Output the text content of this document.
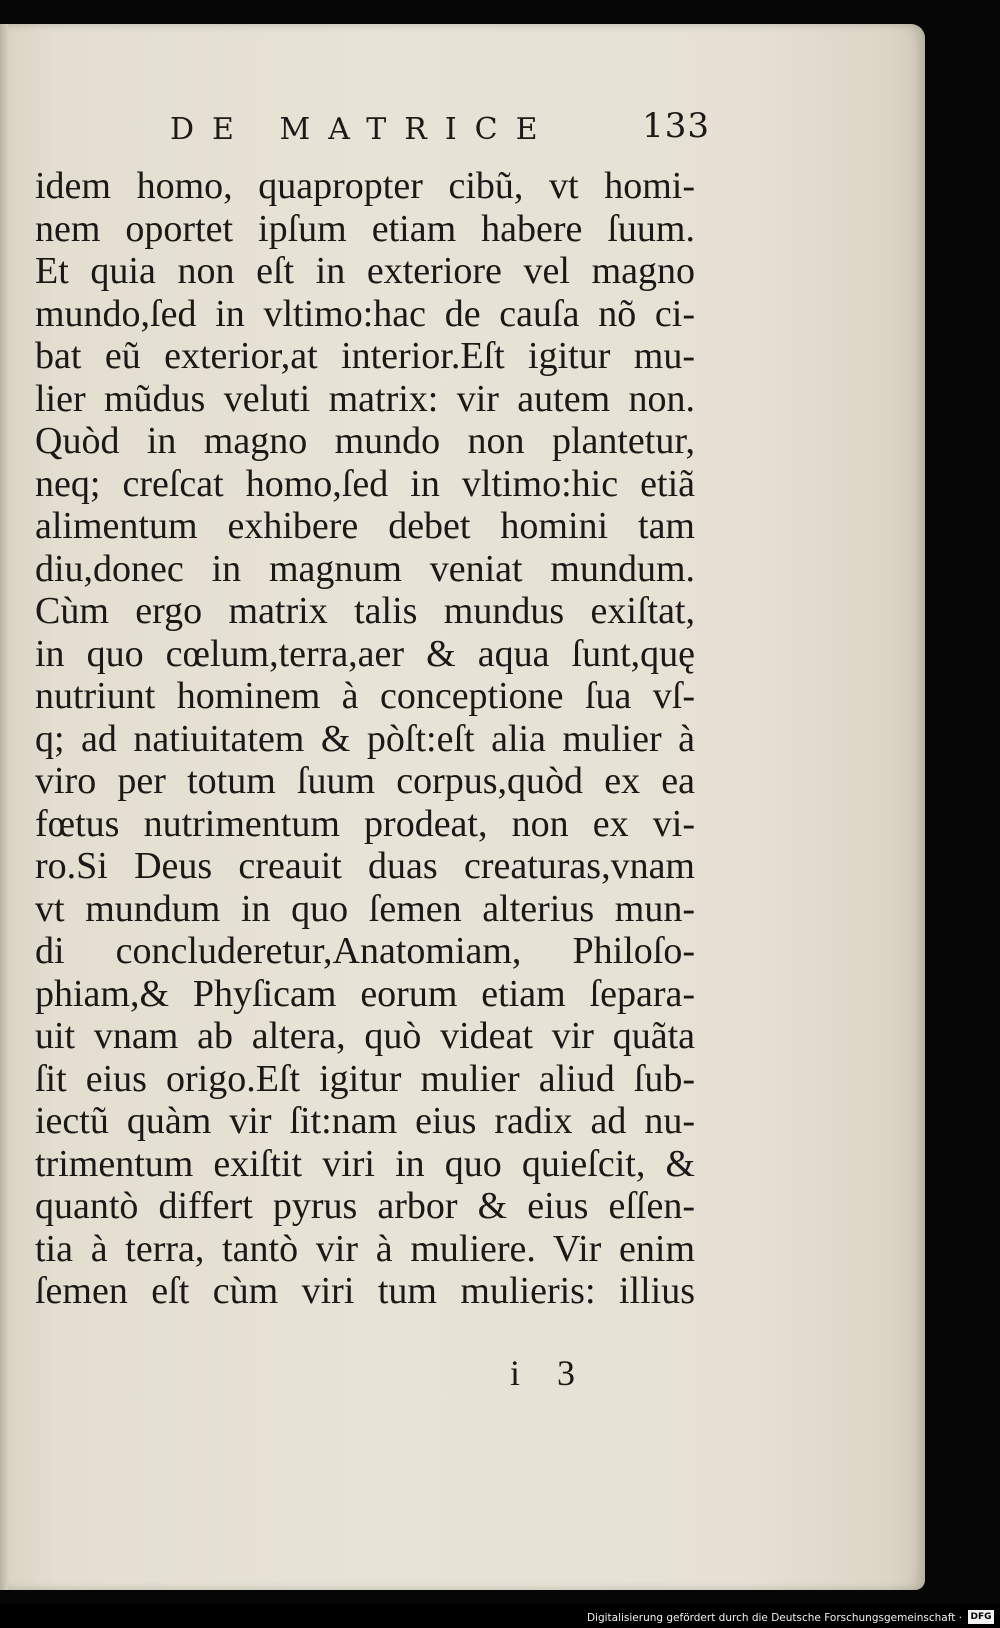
DE MATRICE	133
idem homo, quapropter cibũ, vt homi-
nem oportet ipſum etiam habere ſuum.
Et quia non eſt in exteriore vel magno
mundo,ſed in vltimo:hac de cauſa nõ ci-
bat eũ exterior,at interior.Eſt igitur mu-
lier mũdus veluti matrix: vir autem non.
Quòd in magno mundo non plantetur,
neq; creſcat homo,ſed in vltimo:hic etiã
alimentum exhibere debet homini tam
diu,donec in magnum veniat mundum.
Cùm ergo matrix talis mundus exiſtat,
in quo cœlum,terra,aer & aqua ſunt,quę
nutriunt hominem à conceptione ſua vſ-
q; ad natiuitatem & pòſt:eſt alia mulier à
viro per totum ſuum corpus,quòd ex ea
fœtus nutrimentum prodeat, non ex vi-
ro.Si Deus creauit duas creaturas,vnam
vt mundum in quo ſemen alterius mun-
di concluderetur,Anatomiam, Philoſo-
phiam,& Phyſicam eorum etiam ſepara-
uit vnam ab altera, quò videat vir quãta
ſit eius origo.Eſt igitur mulier aliud ſub-
iectũ quàm vir ſit:nam eius radix ad nu-
trimentum exiſtit viri in quo quieſcit, &
quantò differt pyrus arbor & eius eſſen-
tia à terra, tantò vir à muliere. Vir enim
ſemen eſt cùm viri tum mulieris: illius
i 3
Digitalisierung gefördert durch die Deutsche Forschungsgemeinschaft · DFG
